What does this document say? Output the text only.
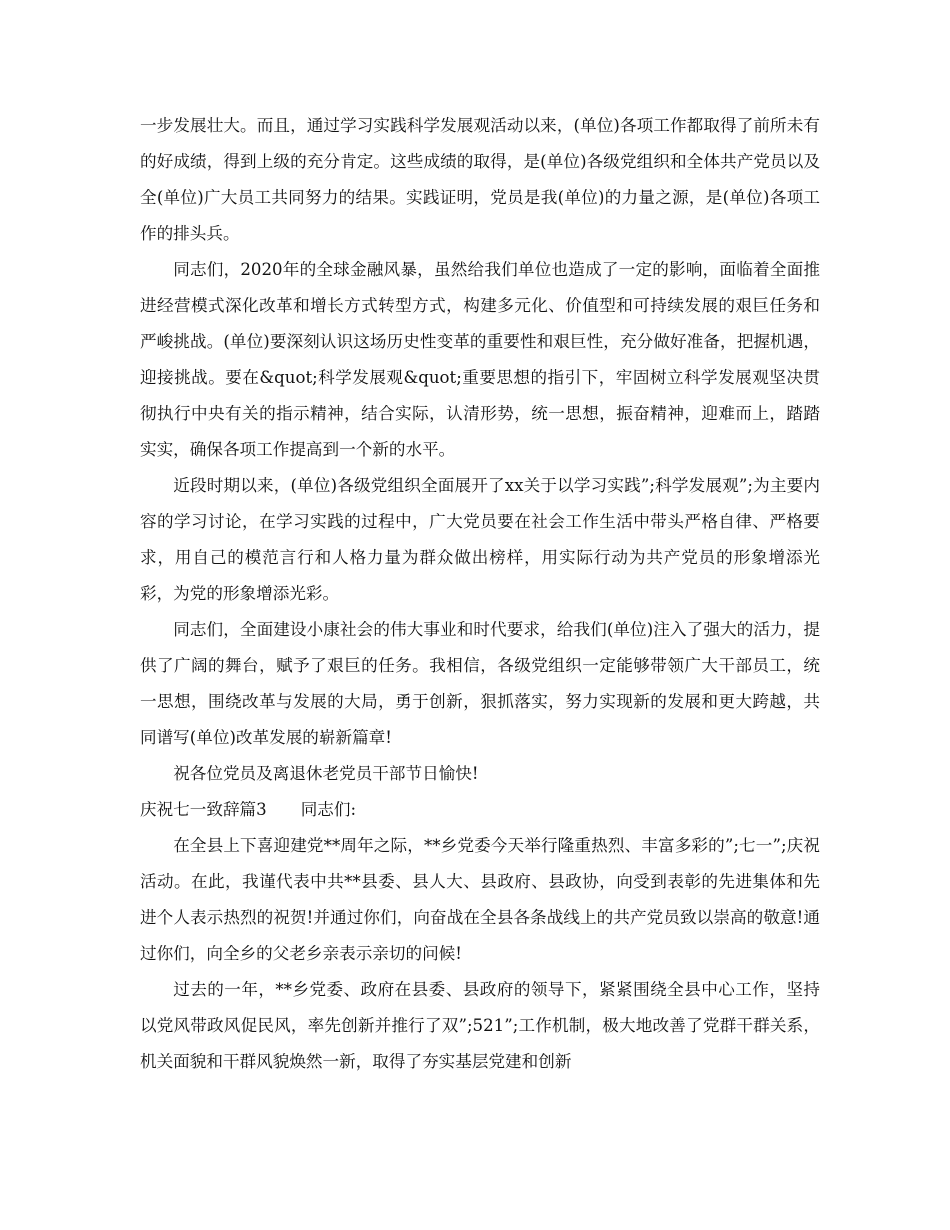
一步发展壮大。而且，通过学习实践科学发展观活动以来，(单位)各项工作都取得了前所未有的好成绩，得到上级的充分肯定。这些成绩的取得，是(单位)各级党组织和全体共产党员以及全(单位)广大员工共同努力的结果。实践证明，党员是我(单位)的力量之源，是(单位)各项工作的排头兵。

同志们，2020年的全球金融风暴，虽然给我们单位也造成了一定的影响，面临着全面推进经营模式深化改革和增长方式转型方式，构建多元化、价值型和可持续发展的艰巨任务和严峻挑战。(单位)要深刻认识这场历史性变革的重要性和艰巨性，充分做好准备，把握机遇，迎接挑战。要在&quot;科学发展观&quot;重要思想的指引下，牢固树立科学发展观坚决贯彻执行中央有关的指示精神，结合实际，认清形势，统一思想，振奋精神，迎难而上，踏踏实实，确保各项工作提高到一个新的水平。

近段时期以来，(单位)各级党组织全面展开了xx关于以学习实践”;科学发展观”;为主要内容的学习讨论，在学习实践的过程中，广大党员要在社会工作生活中带头严格自律、严格要求，用自己的模范言行和人格力量为群众做出榜样，用实际行动为共产党员的形象增添光彩，为党的形象增添光彩。

同志们，全面建设小康社会的伟大事业和时代要求，给我们(单位)注入了强大的活力，提供了广阔的舞台，赋予了艰巨的任务。我相信，各级党组织一定能够带领广大干部员工，统一思想，围绕改革与发展的大局，勇于创新，狠抓落实，努力实现新的发展和更大跨越，共同谱写(单位)改革发展的崭新篇章!

祝各位党员及离退休老党员干部节日愉快!

庆祝七一致辞篇3 同志们:

在全县上下喜迎建党**周年之际，**乡党委今天举行隆重热烈、丰富多彩的”;七一”;庆祝活动。在此，我谨代表中共**县委、县人大、县政府、县政协，向受到表彰的先进集体和先进个人表示热烈的祝贺!并通过你们，向奋战在全县各条战线上的共产党员致以崇高的敬意!通过你们，向全乡的父老乡亲表示亲切的问候!

过去的一年，**乡党委、政府在县委、县政府的领导下，紧紧围绕全县中心工作，坚持以党风带政风促民风，率先创新并推行了双”;521”;工作机制，极大地改善了党群干群关系，机关面貌和干群风貌焕然一新，取得了夯实基层党建和创新
